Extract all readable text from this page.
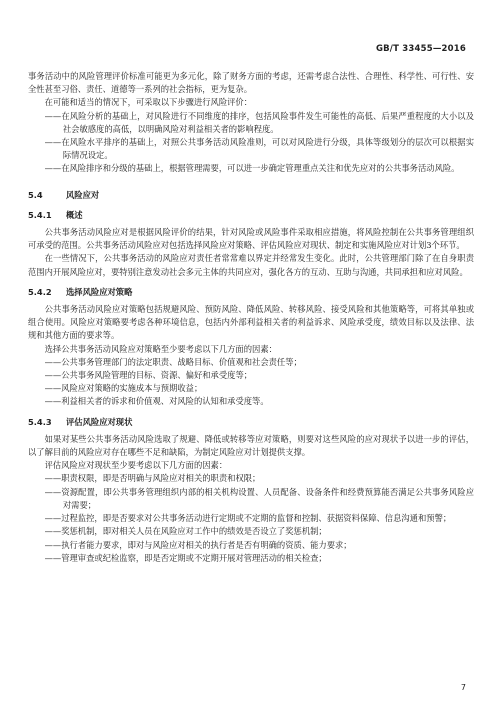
GB/T 33455—2016

事务活动中的风险管理评价标准可能更为多元化，除了财务方面的考虑，还需考虑合法性、合理性、科学性、可行性、安全性甚至习俗、责任、道德等一系列的社会指标，更为复杂。

在可能和适当的情况下，可采取以下步骤进行风险评价：

——在风险分析的基础上，对风险进行不同维度的排序，包括风险事件发生可能性的高低、后果严重程度的大小以及社会敏感度的高低，以明确风险对利益相关者的影响程度。

——在风险水平排序的基础上，对照公共事务活动风险准则，可以对风险进行分级，具体等级划分的层次可以根据实际情况设定。

——在风险排序和分级的基础上，根据管理需要，可以进一步确定管理重点关注和优先应对的公共事务活动风险。

5.4	风险应对
5.4.1 概述

公共事务活动风险应对是根据风险评价的结果，针对风险或风险事件采取相应措施，将风险控制在公共事务管理组织可承受的范围。公共事务活动风险应对包括选择风险应对策略、评估风险应对现状、制定和实施风险应对计划3个环节。

在一些情况下，公共事务活动的风险应对责任者常常难以界定并经常发生变化。此时，公共管理部门除了在自身职责范围内开展风险应对，要特别注意发动社会多元主体的共同应对，强化各方的互动、互助与沟通，共同承担和应对风险。

5.4.2 选择风险应对策略

公共事务活动风险应对策略包括规避风险、预防风险、降低风险、转移风险、接受风险和其他策略等，可将其单独或组合使用。风险应对策略要考虑各种环境信息，包括内外部利益相关者的利益诉求、风险承受度，绩效目标以及法律、法规和其他方面的要求等。

选择公共事务活动风险应对策略至少要考虑以下几方面的因素：

——公共事务管理部门的法定职责、战略目标、价值观和社会责任等；

——公共事务风险管理的目标、资源、偏好和承受度等；

——风险应对策略的实施成本与预期收益；

——利益相关者的诉求和价值观、对风险的认知和承受度等。

5.4.3 评估风险应对现状

如果对某些公共事务活动风险选取了规避、降低或转移等应对策略，则要对这些风险的应对现状予以进一步的评估，以了解目前的风险应对存在哪些不足和缺陷，为制定风险应对计划提供支撑。

评估风险应对现状至少要考虑以下几方面的因素：

——职责权限，即是否明确与风险应对相关的职责和权限；

——资源配置，即公共事务管理组织内部的相关机构设置、人员配备、设备条件和经费预算能否满足公共事务风险应对需要；

——过程监控，即是否要求对公共事务活动进行定期或不定期的监督和控制、获据资料保障、信息沟通和预警；

——奖惩机制，即对相关人员在风险应对工作中的绩效是否设立了奖惩机制；

——执行者能力要求，即对与风险应对相关的执行者是否有明确的资质、能力要求；

——管理审查或纪检监察，即是否定期或不定期开展对管理活动的相关检查；

7
